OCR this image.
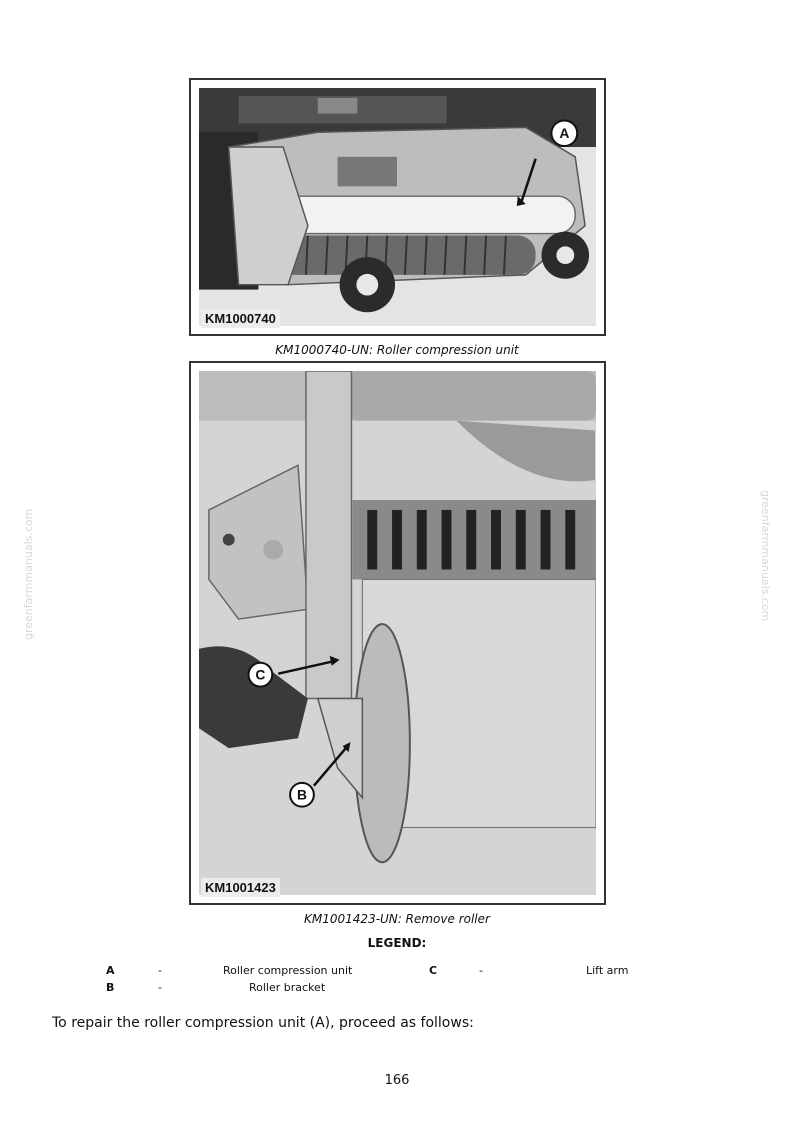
A
KM1000740
KM1000740-UN: Roller compression unit
C
B
KM1001423
KM1001423-UN: Remove roller
LEGEND:
A	-	Roller compression unit
B	-	Roller bracket
C	-	Lift arm
To repair the roller compression unit (A), proceed as follows:
166
greenfarmmanuals.com	greenfarmmanuals.com
